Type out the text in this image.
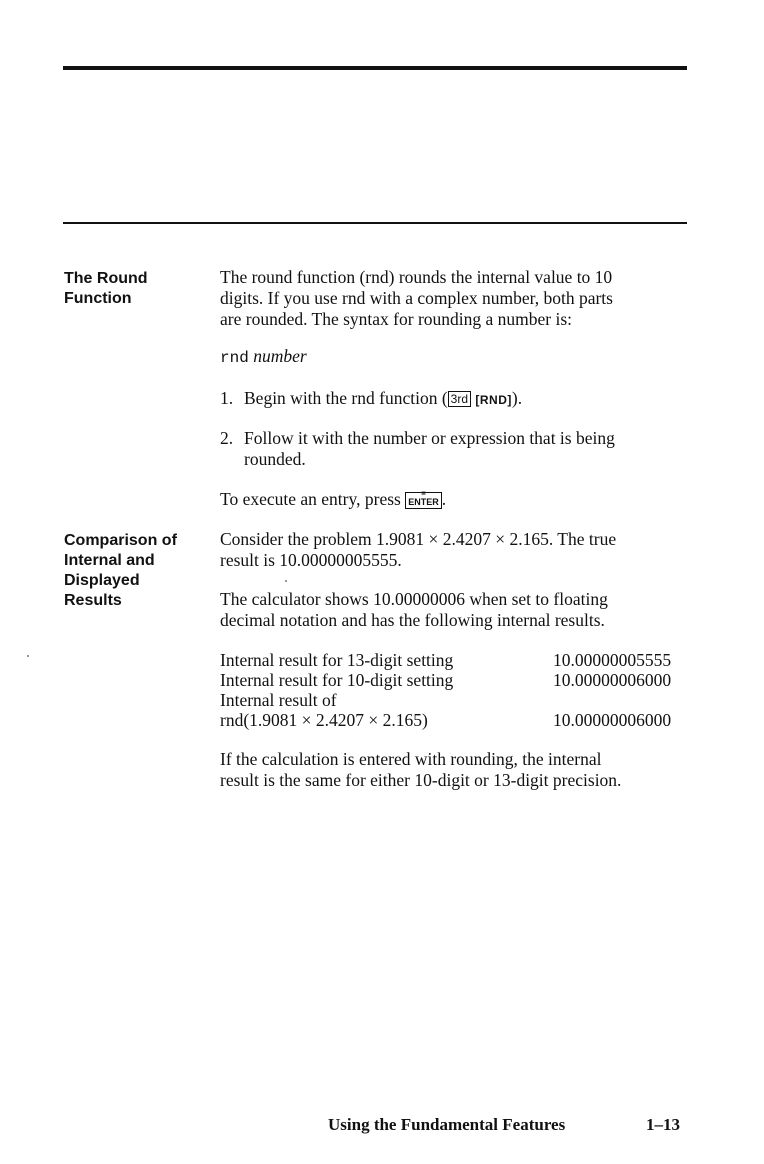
The Round
Function
The round function (rnd) rounds the internal value to 10
digits. If you use rnd with a complex number, both parts
are rounded. The syntax for rounding a number is:
rnd number
1. Begin with the rnd function ( 3rd [RND]).
2. Follow it with the number or expression that is being
rounded.
To execute an entry, press ≡ ENTER .
Comparison of
Internal and
Displayed
Results
Consider the problem 1.9081 × 2.4207 × 2.165. The true
result is 10.00000005555.
The calculator shows 10.00000006 when set to floating
decimal notation and has the following internal results.
Internal result for 13-digit setting	10.00000005555
Internal result for 10-digit setting	10.00000006000
Internal result of
rnd(1.9081 × 2.4207 × 2.165)	10.00000006000
If the calculation is entered with rounding, the internal
result is the same for either 10-digit or 13-digit precision.
Using the Fundamental Features	1–13
